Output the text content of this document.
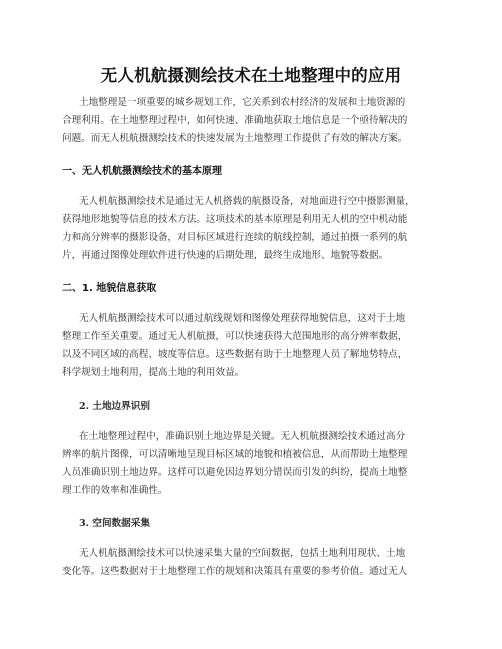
无人机航摄测绘技术在土地整理中的应用

土地整理是一项重要的城乡规划工作，它关系到农村经济的发展和土地资源的

合理利用。在土地整理过程中，如何快速、准确地获取土地信息是一个亟待解决的

问题。而无人机航摄测绘技术的快速发展为土地整理工作提供了有效的解决方案。

一、无人机航摄测绘技术的基本原理

无人机航摄测绘技术是通过无人机搭载的航摄设备，对地面进行空中摄影测量，

获得地形地貌等信息的技术方法。这项技术的基本原理是利用无人机的空中机动能

力和高分辨率的摄影设备，对目标区域进行连续的航线控制，通过拍摄一系列的航

片，再通过图像处理软件进行快速的后期处理，最终生成地形、地貌等数据。

二、1. 地貌信息获取

无人机航摄测绘技术可以通过航线规划和图像处理获得地貌信息，这对于土地

整理工作至关重要。通过无人机航摄，可以快速获得大范围地形的高分辨率数据，

以及不同区域的高程、坡度等信息。这些数据有助于土地整理人员了解地势特点，

科学规划土地利用，提高土地的利用效益。

2. 土地边界识别

在土地整理过程中，准确识别土地边界是关键。无人机航摄测绘技术通过高分

辨率的航片图像，可以清晰地呈现目标区域的地貌和植被信息，从而帮助土地整理

人员准确识别土地边界。这样可以避免因边界划分错误而引发的纠纷，提高土地整

理工作的效率和准确性。

3. 空间数据采集

无人机航摄测绘技术可以快速采集大量的空间数据，包括土地利用现状、土地

变化等。这些数据对于土地整理工作的规划和决策具有重要的参考价值。通过无人
